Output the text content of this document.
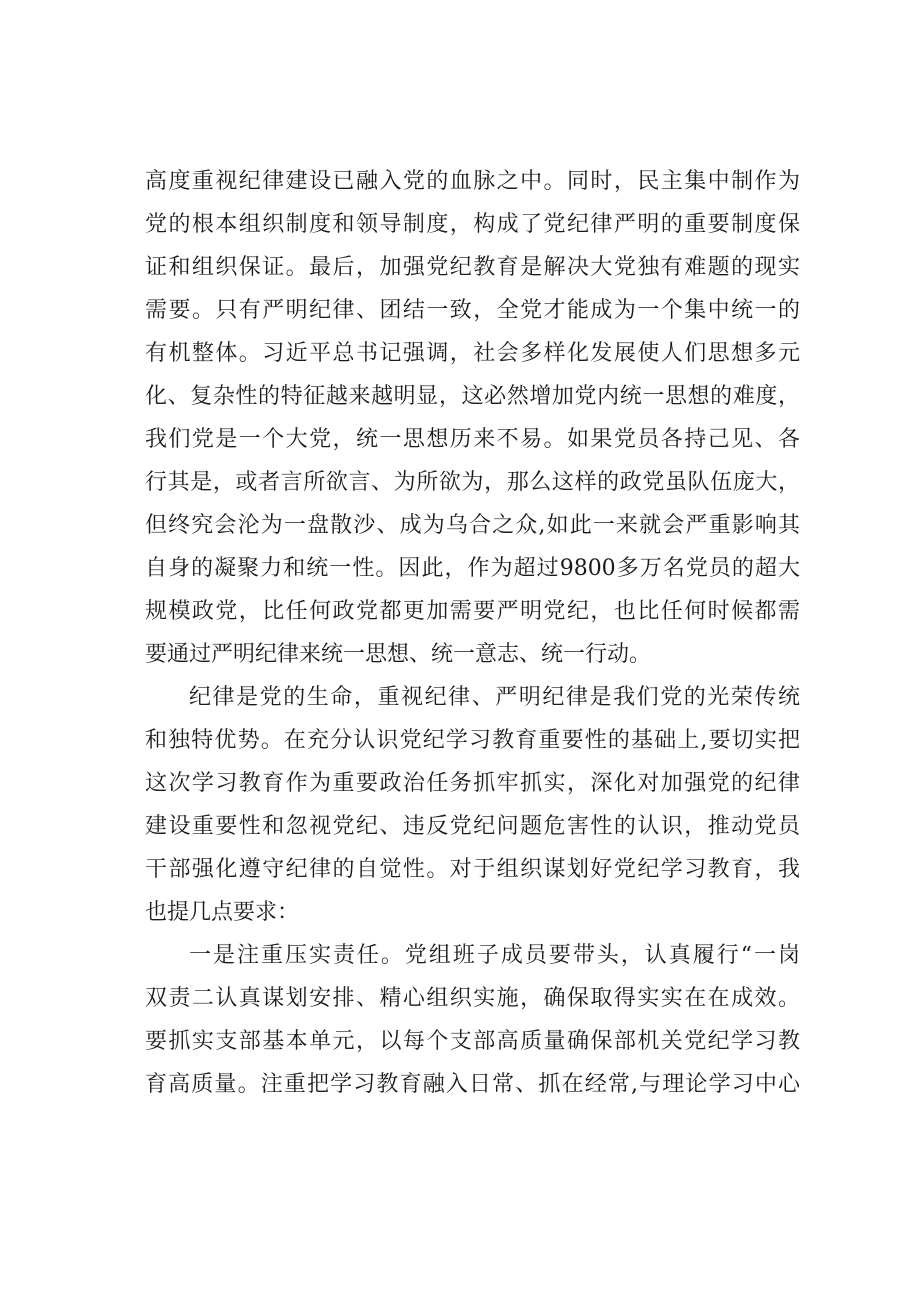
高度重视纪律建设已融入党的血脉之中。同时，民主集中制作为
党的根本组织制度和领导制度，构成了党纪律严明的重要制度保
证和组织保证。最后，加强党纪教育是解决大党独有难题的现实
需要。只有严明纪律、团结一致，全党才能成为一个集中统一的
有机整体。习近平总书记强调，社会多样化发展使人们思想多元
化、复杂性的特征越来越明显，这必然增加党内统一思想的难度，
我们党是一个大党，统一思想历来不易。如果党员各持己见、各
行其是，或者言所欲言、为所欲为，那么这样的政党虽队伍庞大，
但终究会沦为一盘散沙、成为乌合之众,如此一来就会严重影响其
自身的凝聚力和统一性。因此，作为超过9800多万名党员的超大
规模政党，比任何政党都更加需要严明党纪，也比任何时候都需
要通过严明纪律来统一思想、统一意志、统一行动。
纪律是党的生命，重视纪律、严明纪律是我们党的光荣传统
和独特优势。在充分认识党纪学习教育重要性的基础上,要切实把
这次学习教育作为重要政治任务抓牢抓实，深化对加强党的纪律
建设重要性和忽视党纪、违反党纪问题危害性的认识，推动党员
干部强化遵守纪律的自觉性。对于组织谋划好党纪学习教育，我
也提几点要求：
一是注重压实责任。党组班子成员要带头，认真履行“一岗
双责二认真谋划安排、精心组织实施，确保取得实实在在成效。
要抓实支部基本单元，以每个支部高质量确保部机关党纪学习教
育高质量。注重把学习教育融入日常、抓在经常,与理论学习中心
